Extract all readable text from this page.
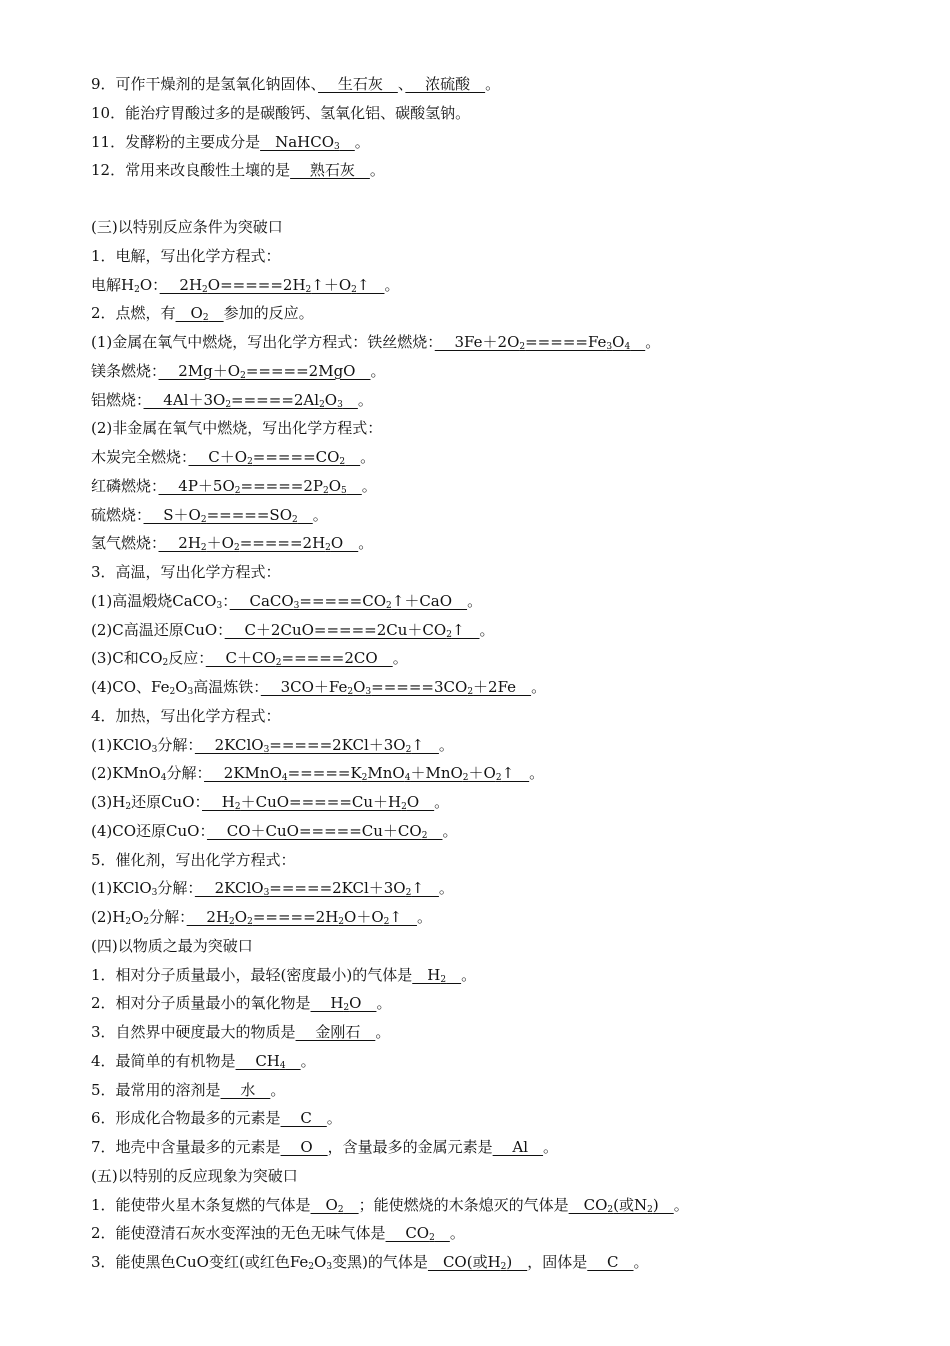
9．可作干燥剂的是氢氧化钠固体、　 生石灰　、　 浓硫酸　。
10．能治疗胃酸过多的是碳酸钙、氢氧化铝、碳酸氢钠。
11．发酵粉的主要成分是　NaHCO$_3$　 。
12．常用来改良酸性土壤的是　 熟石灰　。
(三)以特别反应条件为突破口
1．电解，写出化学方程式：
电解$H_2O$：　 $2H_2O=====2H_2↑+O_2↑$　。
2．点燃，有　$O_2$　 参加的反应。
(1)金属在氧气中燃烧，写出化学方程式：铁丝燃烧：　 $3Fe+2O_2=====Fe_3O_4$　 。
镁条燃烧：　 $2Mg+O_2=====2MgO$　。
铝燃烧：　 $4Al+3O_2=====2Al_2O_3$　 。
(2)非金属在氧气中燃烧，写出化学方程式：
木炭完全燃烧：　 $C+O_2=====CO_2$　 。
红磷燃烧：　 $4P+5O_2=====2P_2O_5$　 。
硫燃烧：　 $S+O_2=====SO_2$　 。
氢气燃烧：　 $2H_2+O_2=====2H_2O$　。
3．高温，写出化学方程式：
(1)高温煅烧CaCO$_3$：　 $CaCO_3=====CO_2↑+CaO$　。
(2)C高温还原CuO：　 $C+2CuO=====2Cu+CO_2↑$　。
(3)C和$CO_2$反应：　 $C+CO_2=====2CO$　。
(4)CO、$Fe_2O_3$高温炼铁：　 $3CO+Fe_2O_3=====3CO_2+2Fe$　。
4．加热，写出化学方程式：
(1)KClO$_3$分解：　 $2KClO_3=====2KCl+3O_2↑$　。
(2)KMnO$_4$分解：　 $2KMnO_4=====K_2MnO_4+MnO_2+O_2↑$　。
$(3)H_2$还原CuO：　 $H_2+CuO=====Cu+H_2O$　。
(4)CO还原CuO：　 $CO+CuO=====Cu+CO_2$　 。
5．催化剂，写出化学方程式：
(1)KClO$_3$分解：　 $2KClO_3=====2KCl+3O_2↑$　。
$(2)H_2O_2$分解：　 $2H_2O_2=====2H_2O+O_2↑$　。
(四)以物质之最为突破口
1．相对分子质量最小，最轻(密度最小)的气体是　$H_2$　 。
2．相对分子质量最小的氧化物是　 $H_2O$　。
3．自然界中硬度最大的物质是　 金刚石　。
4．最简单的有机物是　 $CH_4$　 。
5．最常用的溶剂是　 水　。
6．形成化合物最多的元素是　 C　。
7．地壳中含量最多的元素是　 O　，含量最多的金属元素是　 Al　。
(五)以特别的反应现象为突破口
1．能使带火星木条复燃的气体是　$O_2$　 ；能使燃烧的木条熄灭的气体是　$CO_2$(或$N_2$)　。
2．能使澄清石灰水变浑浊的无色无味气体是　 $CO_2$　 。
3．能使黑色CuO变红(或红色$Fe_2O_3$变黑)的气体是　CO(或$H_2$)　，固体是　 C　。
